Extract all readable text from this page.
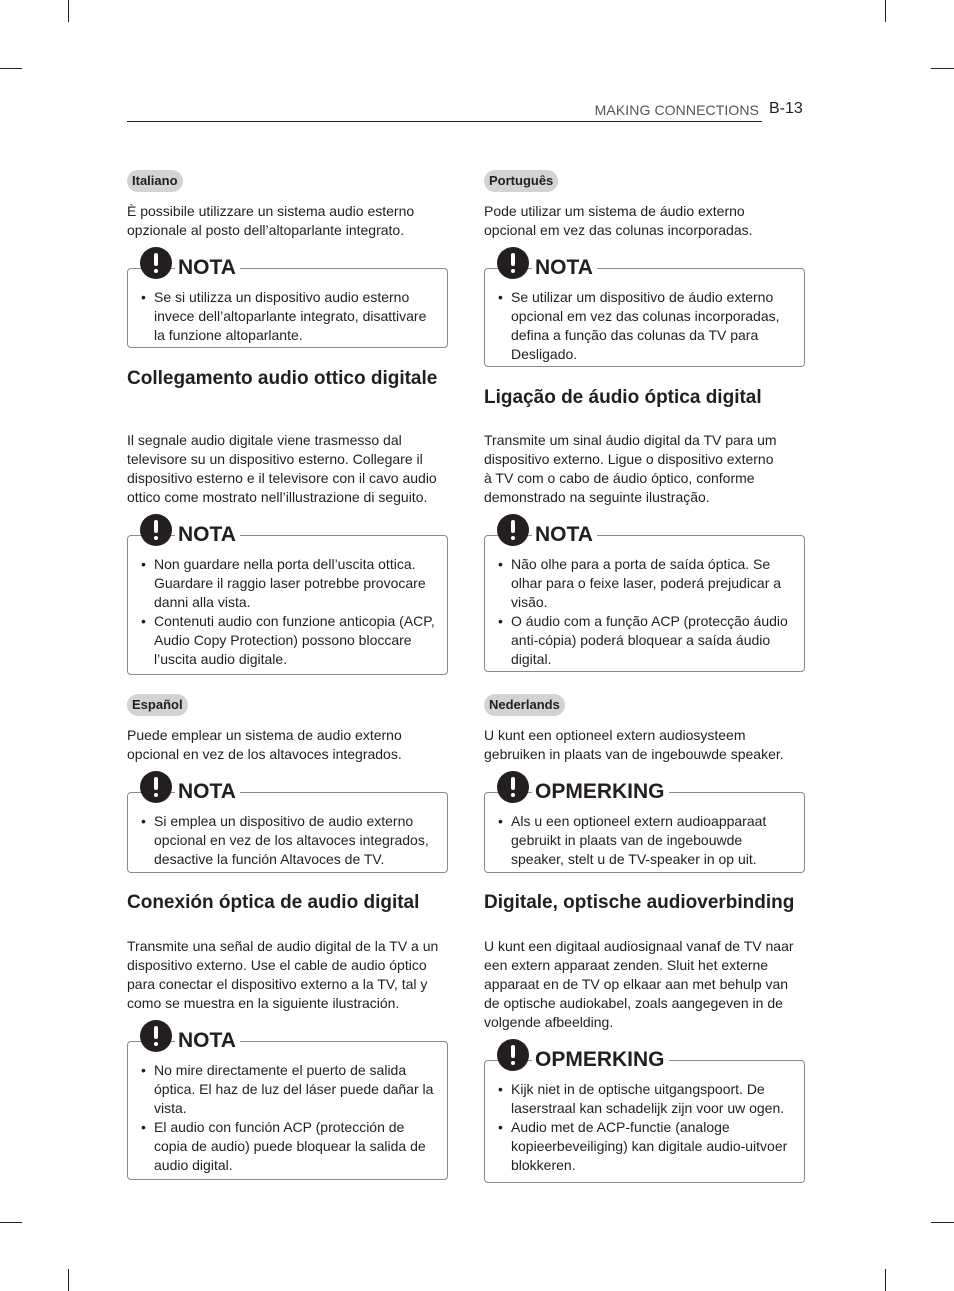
MAKING CONNECTIONS B-13
Italiano

È possibile utilizzare un sistema audio esterno
opzionale al posto dell’altoparlante integrato.

NOTA
• Se si utilizza un dispositivo audio esterno invece dell’altoparlante integrato, disattivare la funzione altoparlante.
Collegamento audio ottico digitale

Il segnale audio digitale viene trasmesso dal
televisore su un dispositivo esterno. Collegare il
dispositivo esterno e il televisore con il cavo audio
ottico come mostrato nell’illustrazione di seguito.

NOTA
• Non guardare nella porta dell’uscita ottica. Guardare il raggio laser potrebbe provocare danni alla vista.
• Contenuti audio con funzione anticopia (ACP, Audio Copy Protection) possono bloccare l’uscita audio digitale.
Español

Puede emplear un sistema de audio externo
opcional en vez de los altavoces integrados.

NOTA
• Si emplea un dispositivo de audio externo opcional en vez de los altavoces integrados, desactive la función Altavoces de TV.
Conexión óptica de audio digital

Transmite una señal de audio digital de la TV a un
dispositivo externo. Use el cable de audio óptico
para conectar el dispositivo externo a la TV, tal y
como se muestra en la siguiente ilustración.

NOTA
• No mire directamente el puerto de salida óptica. El haz de luz del láser puede dañar la vista.
• El audio con función ACP (protección de copia de audio) puede bloquear la salida de audio digital.
Português

Pode utilizar um sistema de áudio externo
opcional em vez das colunas incorporadas.

NOTA
• Se utilizar um dispositivo de áudio externo opcional em vez das colunas incorporadas, defina a função das colunas da TV para Desligado.
Ligação de áudio óptica digital

Transmite um sinal áudio digital da TV para um
dispositivo externo. Ligue o dispositivo externo
à TV com o cabo de áudio óptico, conforme
demonstrado na seguinte ilustração.

NOTA
• Não olhe para a porta de saída óptica. Se olhar para o feixe laser, poderá prejudicar a visão.
• O áudio com a função ACP (protecção áudio anti-cópia) poderá bloquear a saída áudio digital.
Nederlands

U kunt een optioneel extern audiosysteem
gebruiken in plaats van de ingebouwde speaker.

OPMERKING
• Als u een optioneel extern audioapparaat gebruikt in plaats van de ingebouwde speaker, stelt u de TV-speaker in op uit.
Digitale, optische audioverbinding

U kunt een digitaal audiosignaal vanaf de TV naar
een extern apparaat zenden. Sluit het externe
apparaat en de TV op elkaar aan met behulp van
de optische audiokabel, zoals aangegeven in de
volgende afbeelding.

OPMERKING
• Kijk niet in de optische uitgangspoort. De laserstraal kan schadelijk zijn voor uw ogen.
• Audio met de ACP-functie (analoge kopieerbeveiliging) kan digitale audio-uitvoer blokkeren.
